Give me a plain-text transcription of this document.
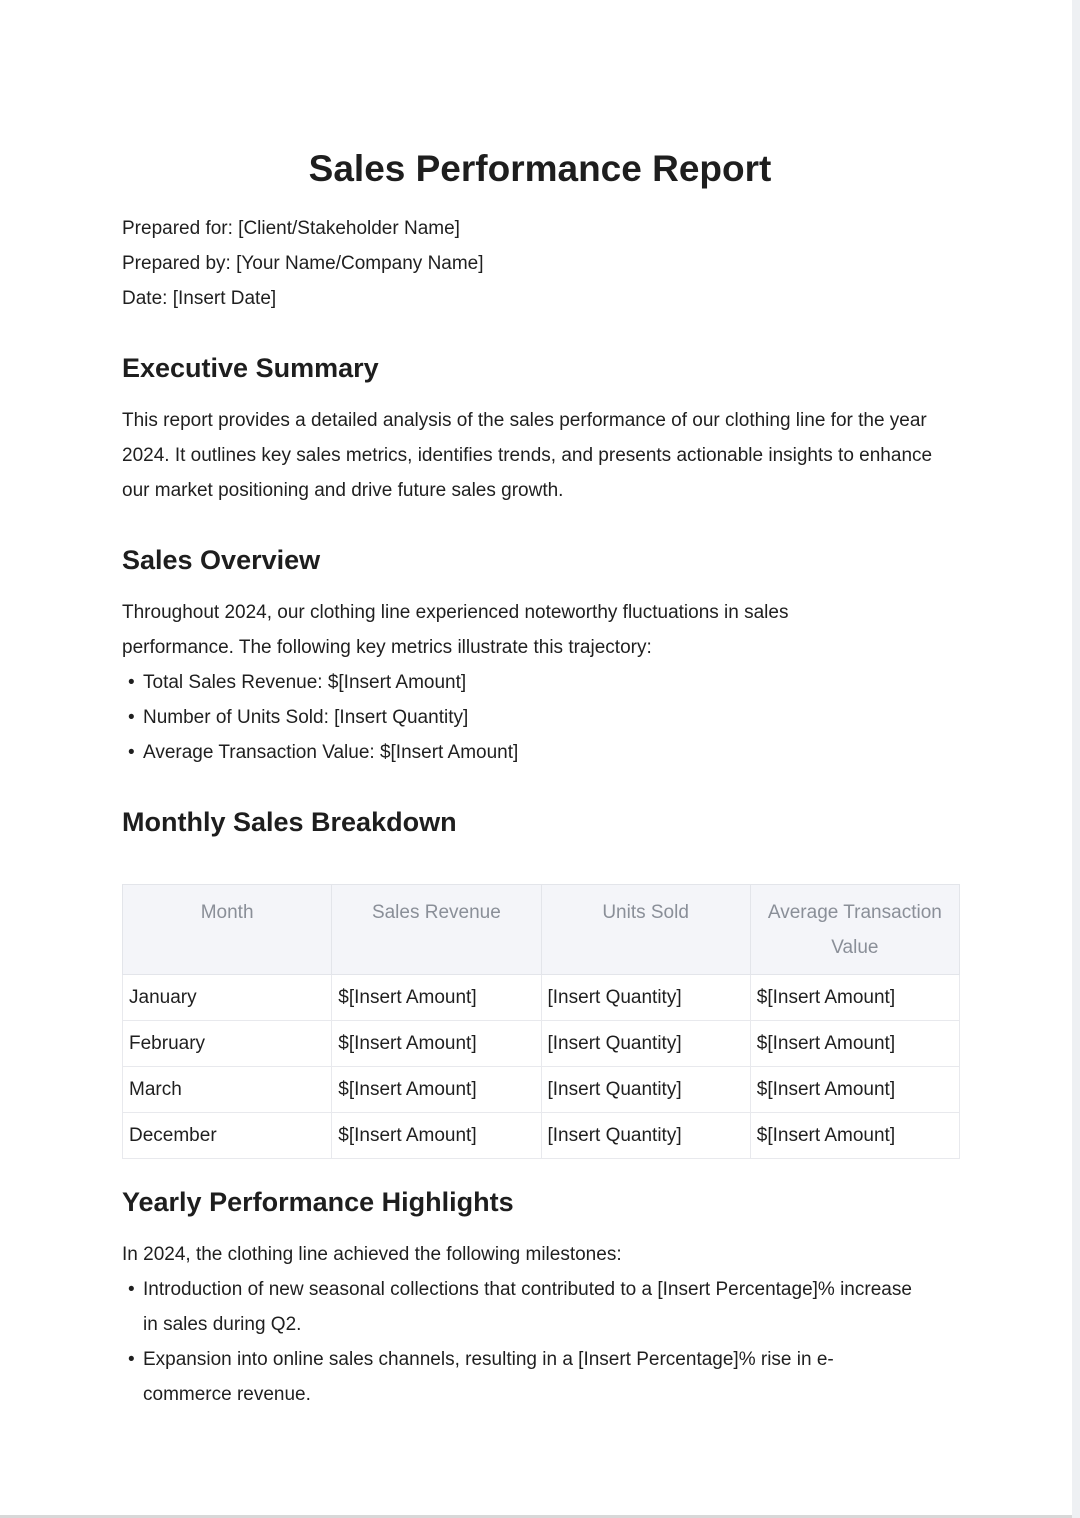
Sales Performance Report
Prepared for: [Client/Stakeholder Name]
Prepared by: [Your Name/Company Name]
Date: [Insert Date]
Executive Summary

This report provides a detailed analysis of the sales performance of our clothing line for the year 2024. It outlines key sales metrics, identifies trends, and presents actionable insights to enhance our market positioning and drive future sales growth.

Sales Overview

Throughout 2024, our clothing line experienced noteworthy fluctuations in sales performance. The following key metrics illustrate this trajectory:

• Total Sales Revenue: $[Insert Amount]
• Number of Units Sold: [Insert Quantity]
• Average Transaction Value: $[Insert Amount]
Monthly Sales Breakdown
Month	Sales Revenue	Units Sold	Average Transaction Value
January	$[Insert Amount]	[Insert Quantity]	$[Insert Amount]
February	$[Insert Amount]	[Insert Quantity]	$[Insert Amount]
March	$[Insert Amount]	[Insert Quantity]	$[Insert Amount]
December	$[Insert Amount]	[Insert Quantity]	$[Insert Amount]
Yearly Performance Highlights

In 2024, the clothing line achieved the following milestones:

• Introduction of new seasonal collections that contributed to a [Insert Percentage]% increase in sales during Q2.
• Expansion into online sales channels, resulting in a [Insert Percentage]% rise in e-commerce revenue.
